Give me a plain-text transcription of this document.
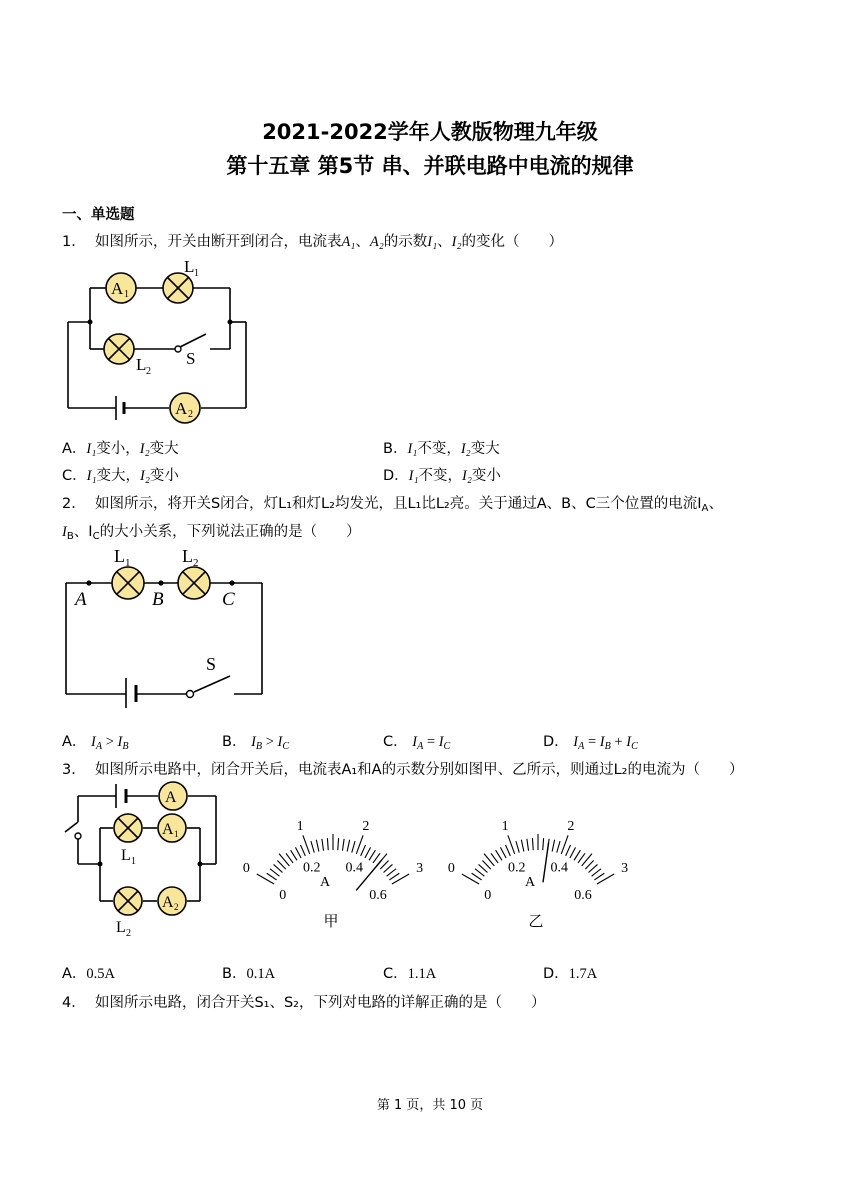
2021-2022学年人教版物理九年级
第十五章 第5节 串、并联电路中电流的规律
一、单选题
1． 如图所示，开关由断开到闭合，电流表A₁、A₂的示数I₁、I₂的变化（　　）
A 1
L 1
L 2
S
A 2
A．I₁变小，I₂变大	B．I₁不变，I₂变大
C．I₁变大，I₂变小	D．I₁不变，I₂变小
2． 如图所示，将开关S闭合，灯L₁和灯L₂均发光，且L₁比L₂亮。关于通过A、B、C三个位置的电流$I_A$、
$I_B$、$I_C$的大小关系，下列说法正确的是（　　）
S
L 1	L 2
A	B	C
A． $I_A > I_B$	B． $I_B > I_C$	C． $I_A = I_C$	D． $I_A = I_B + I_C$
3． 如图所示电路中，闭合开关后，电流表A₁和A的示数分别如图甲、乙所示，则通过L₂的电流为（　　）
A
L 1
A 1
L 2
A 2
0
1	2
3
0
0.2 0.4
0.6
A
甲
0
1	2
3
0
0.2 0.4
0.6
A
乙
A．0.5A	B．0.1A	C．1.1A	D．1.7A
4． 如图所示电路，闭合开关S₁、S₂，下列对电路的详解正确的是（　　）
第 1 页，共 10 页
